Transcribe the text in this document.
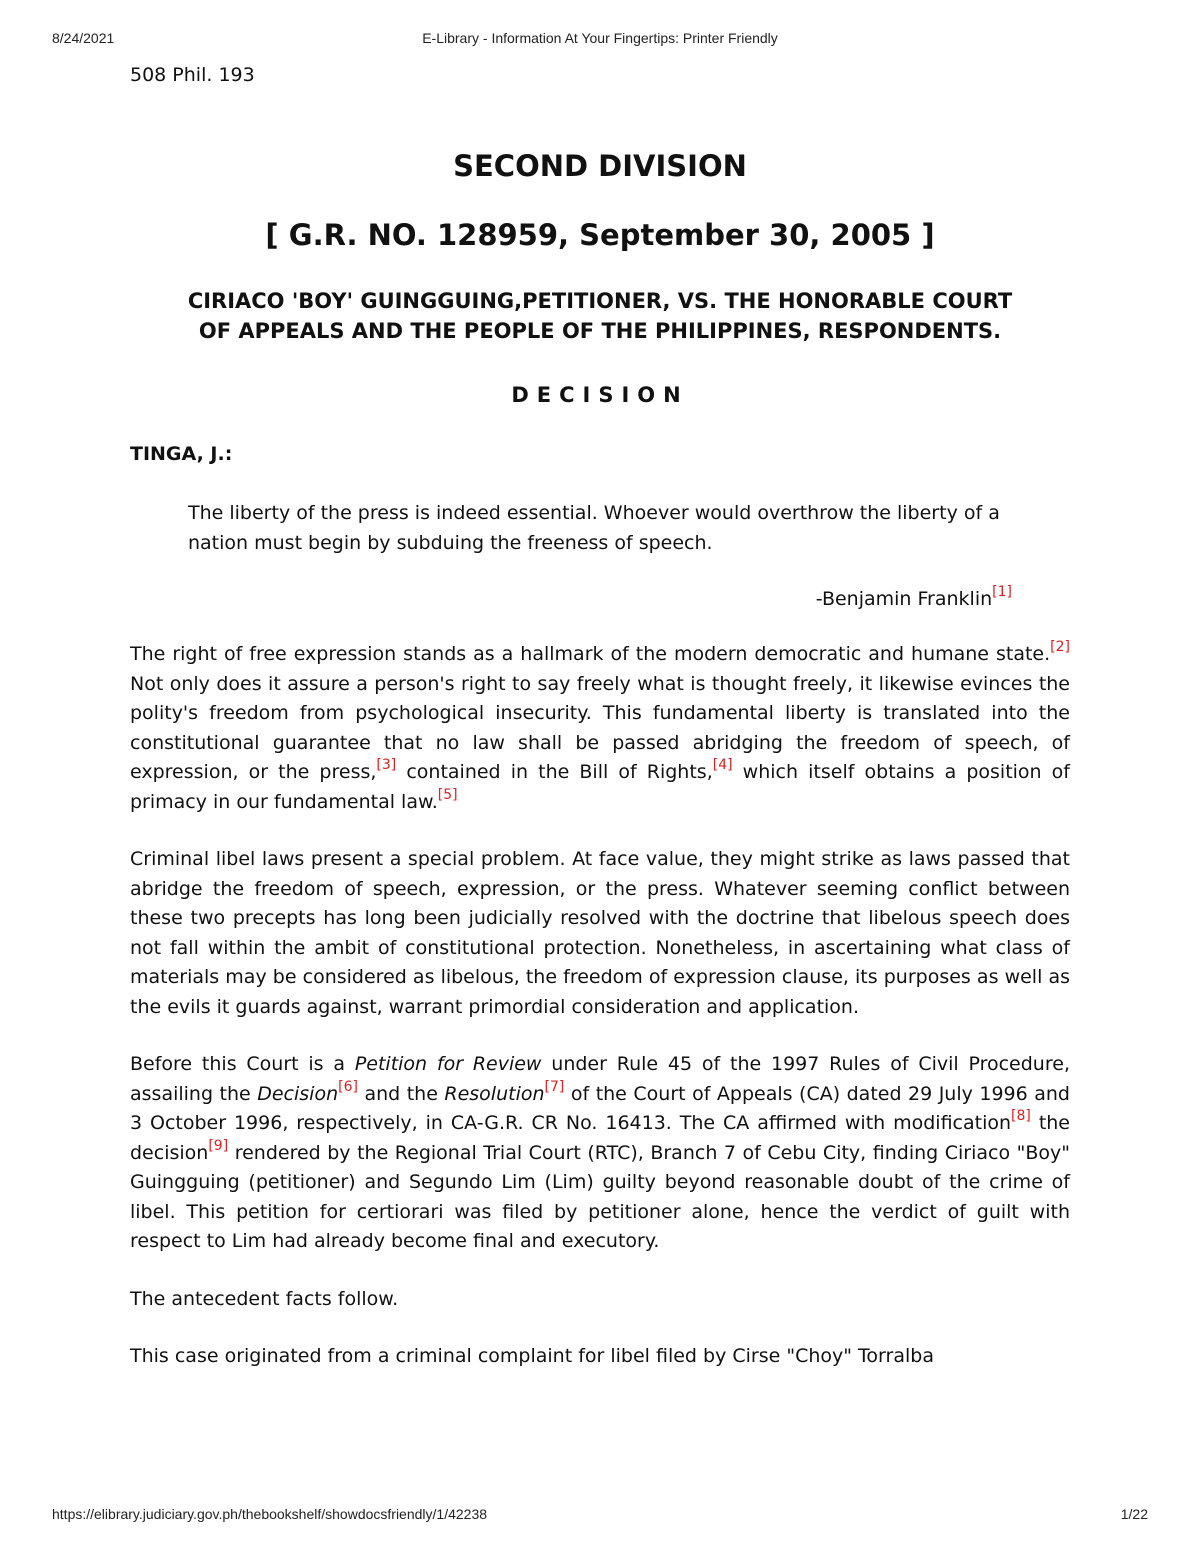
8/24/2021	E-Library - Information At Your Fingertips: Printer Friendly
508 Phil. 193
SECOND DIVISION
[ G.R. NO. 128959, September 30, 2005 ]
CIRIACO 'BOY' GUINGGUING,PETITIONER, VS. THE HONORABLE COURT OF APPEALS AND THE PEOPLE OF THE PHILIPPINES, RESPONDENTS.
DECISION
TINGA, J.:

The liberty of the press is indeed essential. Whoever would overthrow the liberty of a nation must begin by subduing the freeness of speech.

-Benjamin Franklin[1]

The right of free expression stands as a hallmark of the modern democratic and humane state.[2] Not only does it assure a person's right to say freely what is thought freely, it likewise evinces the polity's freedom from psychological insecurity. This fundamental liberty is translated into the constitutional guarantee that no law shall be passed abridging the freedom of speech, of expression, or the press,[3] contained in the Bill of Rights,[4] which itself obtains a position of primacy in our fundamental law.[5]

Criminal libel laws present a special problem. At face value, they might strike as laws passed that abridge the freedom of speech, expression, or the press. Whatever seeming conflict between these two precepts has long been judicially resolved with the doctrine that libelous speech does not fall within the ambit of constitutional protection. Nonetheless, in ascertaining what class of materials may be considered as libelous, the freedom of expression clause, its purposes as well as the evils it guards against, warrant primordial consideration and application.

Before this Court is a Petition for Review under Rule 45 of the 1997 Rules of Civil Procedure, assailing the Decision[6] and the Resolution[7] of the Court of Appeals (CA) dated 29 July 1996 and 3 October 1996, respectively, in CA-G.R. CR No. 16413. The CA affirmed with modification[8] the decision[9] rendered by the Regional Trial Court (RTC), Branch 7 of Cebu City, finding Ciriaco "Boy" Guingguing (petitioner) and Segundo Lim (Lim) guilty beyond reasonable doubt of the crime of libel. This petition for certiorari was filed by petitioner alone, hence the verdict of guilt with respect to Lim had already become final and executory.

The antecedent facts follow.

This case originated from a criminal complaint for libel filed by Cirse "Choy" Torralba

https://elibrary.judiciary.gov.ph/thebookshelf/showdocsfriendly/1/42238	1/22
